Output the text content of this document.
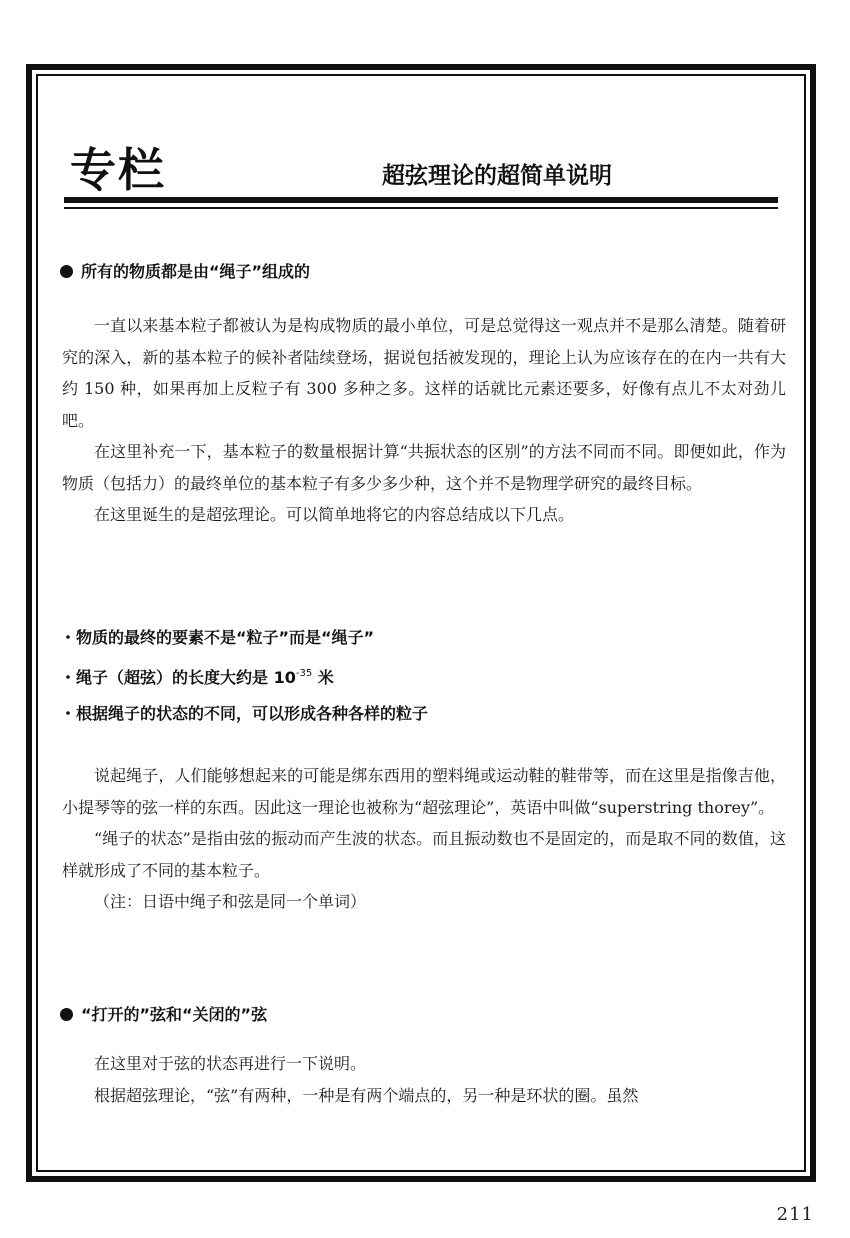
专栏	超弦理论的超简单说明
所有的物质都是由“绳子”组成的

一直以来基本粒子都被认为是构成物质的最小单位，可是总觉得这一观点并不是那么清楚。随着研究的深入，新的基本粒子的候补者陆续登场，据说包括被发现的，理论上认为应该存在的在内一共有大约 150 种，如果再加上反粒子有 300 多种之多。这样的话就比元素还要多，好像有点儿不太对劲儿吧。

在这里补充一下，基本粒子的数量根据计算“共振状态的区别”的方法不同而不同。即便如此，作为物质（包括力）的最终单位的基本粒子有多少多少种，这个并不是物理学研究的最终目标。

在这里诞生的是超弦理论。可以简单地将它的内容总结成以下几点。

・物质的最终的要素不是“粒子”而是“绳子”
・绳子（超弦）的长度大约是 $10^{-35}$ 米
・根据绳子的状态的不同，可以形成各种各样的粒子

说起绳子，人们能够想起来的可能是绑东西用的塑料绳或运动鞋的鞋带等，而在这里是指像吉他，小提琴等的弦一样的东西。因此这一理论也被称为“超弦理论”，英语中叫做“superstring thorey”。

“绳子的状态”是指由弦的振动而产生波的状态。而且振动数也不是固定的，而是取不同的数值，这样就形成了不同的基本粒子。

（注：日语中绳子和弦是同一个单词）

“打开的”弦和“关闭的”弦

在这里对于弦的状态再进行一下说明。

根据超弦理论，“弦”有两种，一种是有两个端点的，另一种是环状的圈。虽然

211
